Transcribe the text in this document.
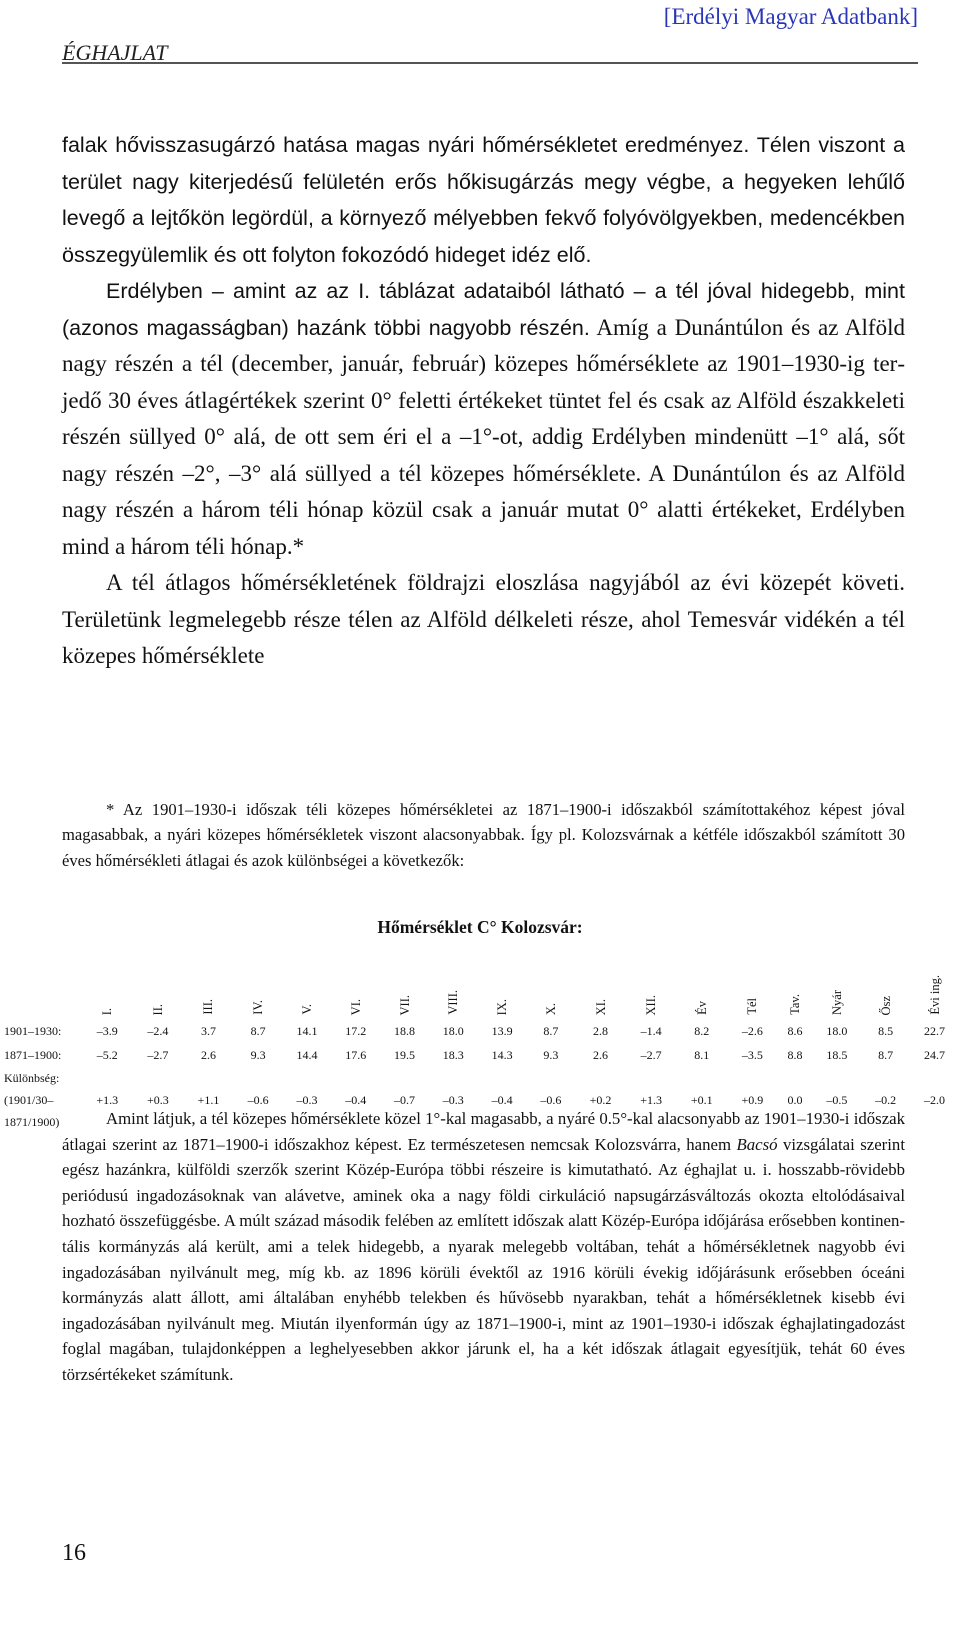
[Erdélyi Magyar Adatbank]
ÉGHAJLAT

falak hővisszasugárzó hatása magas nyári hőmérsékletet eredményez. Télen viszont a terület nagy kiterjedésű felületén erős hőkisugárzás megy végbe, a hegyeken lehűlő levegő a lejtőkön legördül, a környező mélyebben fekvő folyóvölgyekben, medencékben összegyülemlik és ott folyton fokozódó hideget idéz elő.

Erdélyben – amint az az I. táblázat adataiból látható – a tél jóval hidegebb, mint (azonos magasságban) hazánk többi nagyobb részén. Amíg a Dunántúlon és az Alföld nagy részén a tél (december, január, február) közepes hőmérséklete az 1901–1930-ig terjedő 30 éves átlagértékek szerint 0° feletti értékeket tüntet fel és csak az Alföld északkeleti részén süllyed 0° alá, de ott sem éri el a –1°-ot, addig Erdélyben mindenütt –1° alá, sőt nagy részén –2°, –3° alá süllyed a tél közepes hőmérséklete. A Dunántúlon és az Alföld nagy részén a három téli hónap közül csak a január mutat 0° alatti értékeket, Erdélyben mind a három téli hónap.*

A tél átlagos hőmérsékletének földrajzi eloszlása nagyjából az évi közepét követi. Területünk legmelegebb része télen az Alföld délkeleti része, ahol Temesvár vidékén a tél közepes hőmérséklete

* Az 1901–1930-i időszak téli közepes hőmérsékletei az 1871–1900-i időszakból számítottakéhoz képest jóval magasabbak, a nyári közepes hőmérsékletek viszont alacsonyabbak. Így pl. Kolozsvárnak a kétféle időszakból számított 30 éves hőmérsékleti átlagai és azok különbségei a következők:

Hőmérséklet C° Kolozsvár:
	I.	II.	III.	IV.	V.	VI.	VII.	VIII.	IX.	X.	XI.	XII.	Év	Tél	Tav.	Nyár	Ősz	Évi ing.
1901–1930:	–3.9	–2.4	3.7	8.7	14.1	17.2	18.8	18.0	13.9	8.7	2.8	–1.4	8.2	–2.6	8.6	18.0	8.5	22.7
1871–1900:	–5.2	–2.7	2.6	9.3	14.4	17.6	19.5	18.3	14.3	9.3	2.6	–2.7	8.1	–3.5	8.8	18.5	8.7	24.7
Különbség:
(1901/30–
1871/1900)	+1.3	+0.3	+1.1	–0.6	–0.3	–0.4	–0.7	–0.3	–0.4	–0.6	+0.2	+1.3	+0.1	+0.9	0.0	–0.5	–0.2	–2.0

Amint látjuk, a tél közepes hőmérséklete közel 1°-kal magasabb, a nyáré 0.5°-kal alacsonyabb az 1901–1930-i időszak átlagai szerint az 1871–1900-i időszakhoz képest. Ez természetesen nemcsak Kolozsvárra, hanem Bacsó vizsgálatai szerint egész hazánkra, külföldi szerzők szerint Közép-Európa többi részeire is kimutatható. Az éghajlat u. i. hosszabb-rövidebb periódusú ingadozásoknak van alávetve, aminek oka a nagy földi cirkuláció napsugárzásváltozás okozta eltolódásaival hozható összefüggésbe. A múlt század második felében az említett időszak alatt Közép-Európa időjárása erősebben kontinentális kormányzás alá került, ami a telek hidegebb, a nyarak melegebb voltában, tehát a hőmérsékletnek nagyobb évi ingadozásában nyilvánult meg, míg kb. az 1896 körüli évektől az 1916 körüli évekig időjárásunk erősebben óceáni kormányzás alatt állott, ami általában enyhébb telekben és hűvösebb nyarakban, tehát a hőmérsékletnek kisebb évi ingadozásában nyilvánult meg. Miután ilyenformán úgy az 1871–1900-i, mint az 1901–1930-i időszak éghajlatingadozást foglal magában, tulajdonképpen a leghelyesebben akkor járunk el, ha a két időszak átlagait egyesítjük, tehát 60 éves törzsértékeket számítunk.

16
